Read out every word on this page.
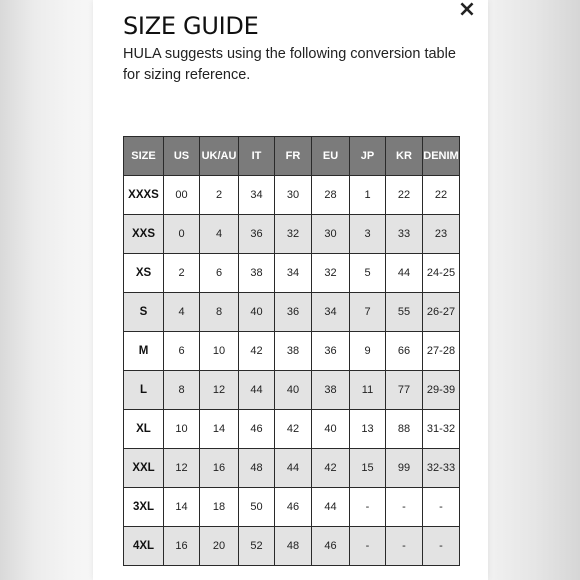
SIZE GUIDE
×

HULA suggests using the following conversion table for sizing reference.

SIZE	US	UK/AU	IT	FR	EU	JP	KR	DENIM
XXXS	00	2	34	30	28	1	22	22
XXS	0	4	36	32	30	3	33	23
XS	2	6	38	34	32	5	44	24-25
S	4	8	40	36	34	7	55	26-27
M	6	10	42	38	36	9	66	27-28
L	8	12	44	40	38	11	77	29-39
XL	10	14	46	42	40	13	88	31-32
XXL	12	16	48	44	42	15	99	32-33
3XL	14	18	50	46	44	-	-	-
4XL	16	20	52	48	46	-	-	-
